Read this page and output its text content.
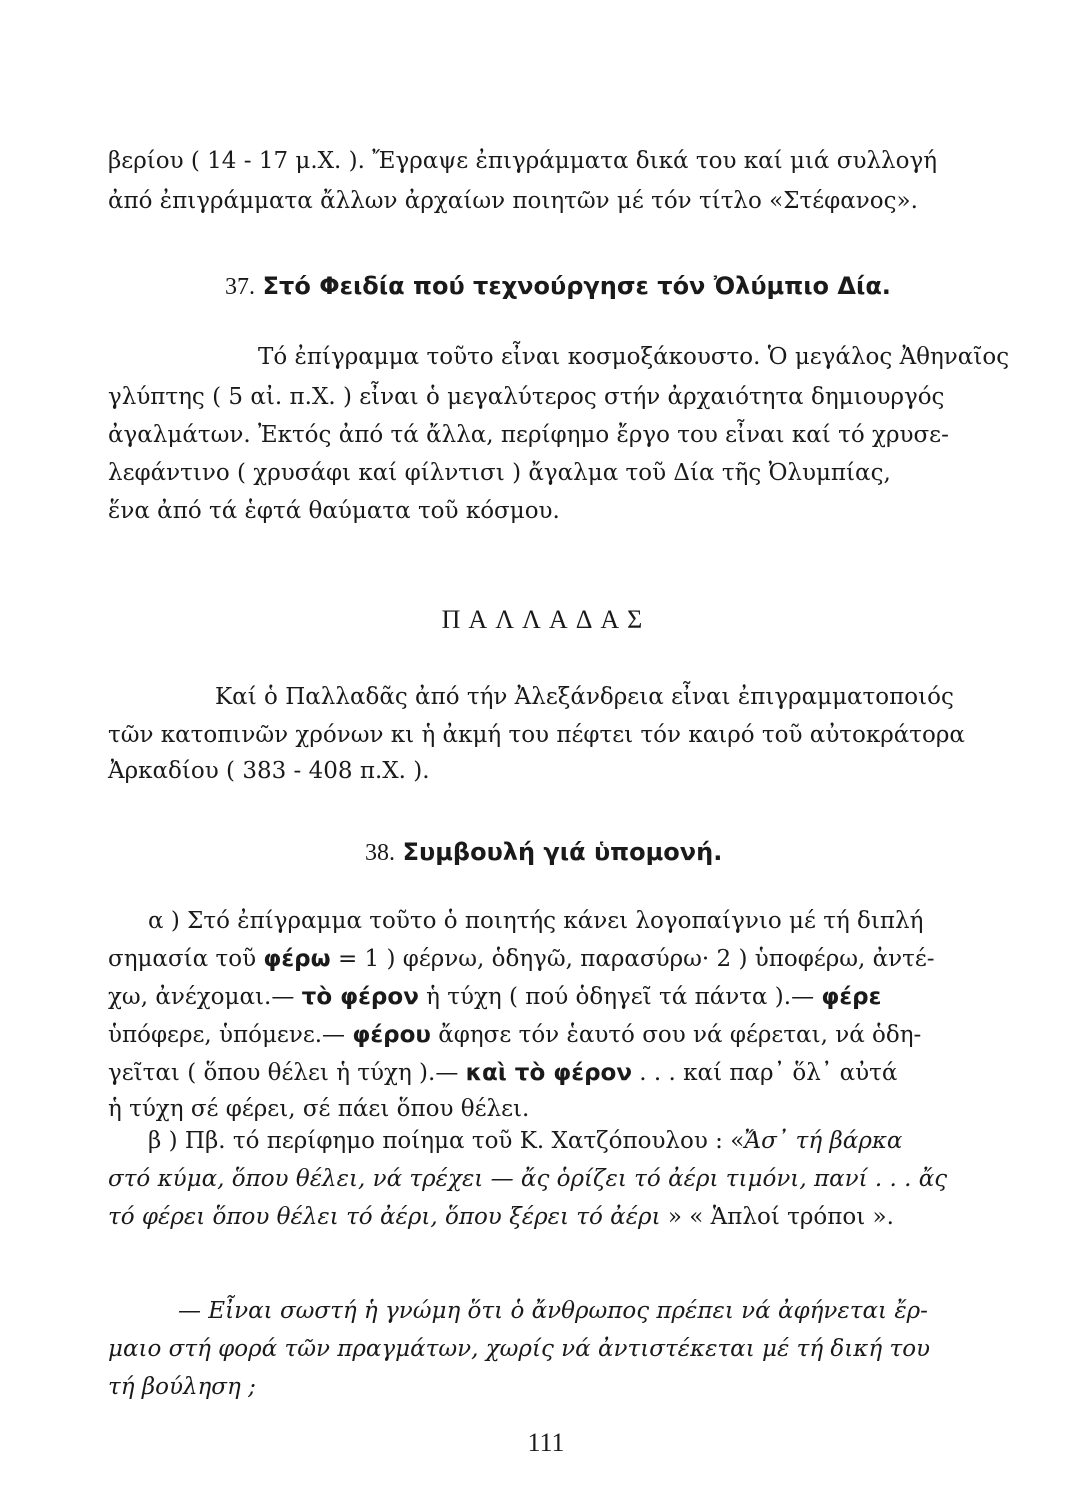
βερίου ( 14 - 17 μ.Χ. ). Ἔγραψε ἐπιγράμματα δικά του καί μιά συλλογή
ἀπό ἐπιγράμματα ἄλλων ἀρχαίων ποιητῶν μέ τόν τίτλο «Στέφανος».
37. Στό Φειδία πού τεχνούργησε τόν Ὀλύμπιο Δία.
Τό ἐπίγραμμα τοῦτο εἶναι κοσμοξάκουστο. Ὁ μεγάλος Ἀθηναῖος
γλύπτης ( 5 αἰ. π.Χ. ) εἶναι ὁ μεγαλύτερος στήν ἀρχαιότητα δημιουργός
ἀγαλμάτων. Ἐκτός ἀπό τά ἄλλα, περίφημο ἔργο του εἶναι καί τό χρυσε-
λεφάντινο ( χρυσάφι καί φίλντισι ) ἄγαλμα τοῦ Δία τῆς Ὀλυμπίας,
ἕνα ἀπό τά ἑφτά θαύματα τοῦ κόσμου.
ΠΑΛΛΑΔΑΣ
Καί ὁ Παλλαδᾶς ἀπό τήν Ἀλεξάνδρεια εἶναι ἐπιγραμματοποιός
τῶν κατοπινῶν χρόνων κι ἡ ἀκμή του πέφτει τόν καιρό τοῦ αὐτοκράτορα
Ἀρκαδίου ( 383 - 408 π.Χ. ).
38. Συμβουλή γιά ὑπομονή.
α ) Στό ἐπίγραμμα τοῦτο ὁ ποιητής κάνει λογοπαίγνιο μέ τή διπλή
σημασία τοῦ φέρω = 1 ) φέρνω, ὁδηγῶ, παρασύρω· 2 ) ὑποφέρω, ἀντέ-
χω, ἀνέχομαι.— τὸ φέρον ἡ τύχη ( πού ὁδηγεῖ τά πάντα ).— φέρε
ὑπόφερε, ὑπόμενε.— φέρου ἄφησε τόν ἑαυτό σου νά φέρεται, νά ὁδη-
γεῖται ( ὅπου θέλει ἡ τύχη ).— καὶ τὸ φέρον . . . καί παρ᾽ ὅλ᾽ αὐτά
ἡ τύχη σέ φέρει, σέ πάει ὅπου θέλει.
β ) Πβ. τό περίφημο ποίημα τοῦ Κ. Χατζόπουλου : «Ἄσ᾽ τή βάρκα
στό κύμα, ὅπου θέλει, νά τρέχει — ἄς ὁρίζει τό ἀέρι τιμόνι, πανί . . . ἄς
τό φέρει ὅπου θέλει τό ἀέρι, ὅπου ξέρει τό ἀέρι » « Ἁπλοί τρόποι ».
— Εἶναι σωστή ἡ γνώμη ὅτι ὁ ἄνθρωπος πρέπει νά ἀφήνεται ἔρ-
μαιο στή φορά τῶν πραγμάτων, χωρίς νά ἀντιστέκεται μέ τή δική του
τή βούληση ;
111
